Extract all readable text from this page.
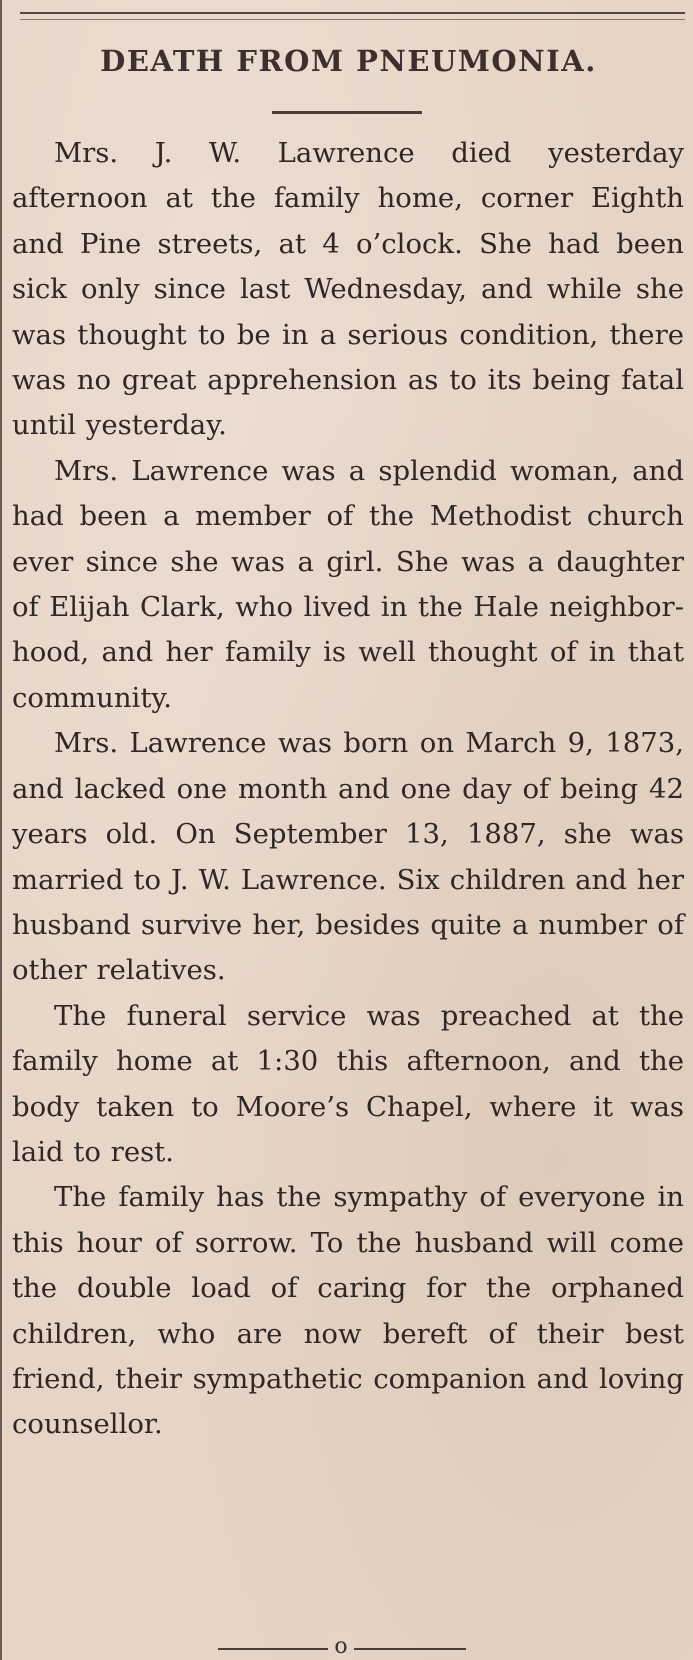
DEATH FROM PNEUMONIA.

Mrs. J. W. Lawrence died yesterday afternoon at the family home, corner Eighth and Pine streets, at 4 o’clock. She had been sick only since last Wednesday, and while she was thought to be in a serious condition, there was no great apprehension as to its being fatal until yesterday.

Mrs. Lawrence was a splendid woman, and had been a member of the Methodist church ever since she was a girl. She was a daughter of Elijah Clark, who lived in the Hale neighborhood, and her family is well thought of in that community.

Mrs. Lawrence was born on March 9, 1873, and lacked one month and one day of being 42 years old. On September 13, 1887, she was married to J. W. Lawrence. Six children and her husband survive her, besides quite a number of other relatives.

The funeral service was preached at the family home at 1:30 this afternoon, and the body taken to Moore’s Chapel, where it was laid to rest.

The family has the sympathy of everyone in this hour of sorrow. To the husband will come the double load of caring for the orphaned children, who are now bereft of their best friend, their sympathetic companion and loving counsellor.

o
